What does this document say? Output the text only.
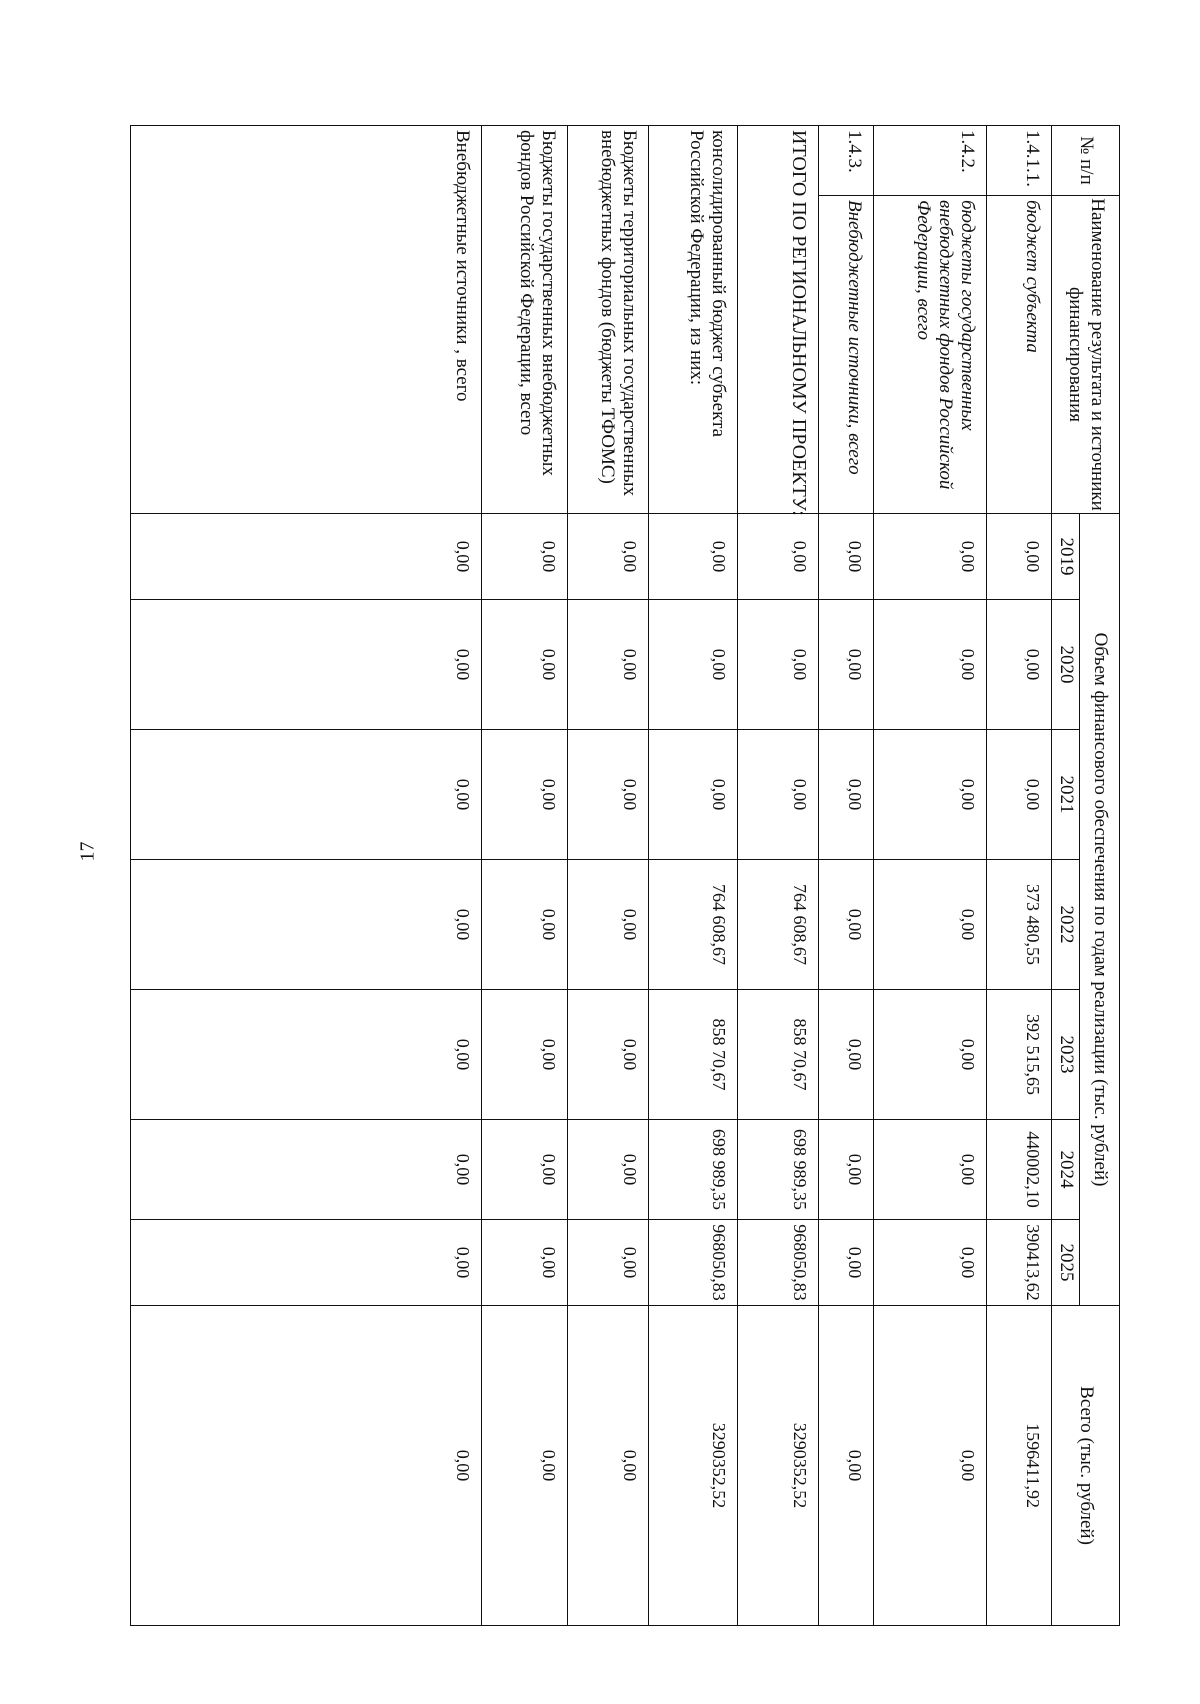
17
№ п/п	Наименование результата и источники финансирования	Объем финансового обеспечения по годам реализации (тыс. рублей)							Всего (тыс. рублей)
		2019	2020	2021	2022	2023	2024	2025	
1.4.1.1.	бюджет субъекта	0,00	0,00	0,00	373 480,55	392 515,65	440002,10	390413,62	1596411,92
1.4.2.	бюджеты государственных внебюджетных фондов Российской Федерации, всего	0,00	0,00	0,00	0,00	0,00	0,00	0,00	0,00
1.4.3.	Внебюджетные источники, всего	0,00	0,00	0,00	0,00	0,00	0,00	0,00	0,00
ИТОГО ПО РЕГИОНАЛЬНОМУ ПРОЕКТУ:		0,00	0,00	0,00	764 608,67	858 70,67	698 989,35	968050,83	3290352,52
консолидированный бюджет субъекта Российской Федерации, из них:		0,00	0,00	0,00	764 608,67	858 70,67	698 989,35	968050,83	3290352,52
Бюджеты территориальных государственных внебюджетных фондов (бюджеты ТФОМС)		0,00	0,00	0,00	0,00	0,00	0,00	0,00	0,00
Бюджеты государственных внебюджетных фондов Российской Федерации, всего		0,00	0,00	0,00	0,00	0,00	0,00	0,00	0,00
Внебюджетные источники , всего		0,00	0,00	0,00	0,00	0,00	0,00	0,00	0,00
